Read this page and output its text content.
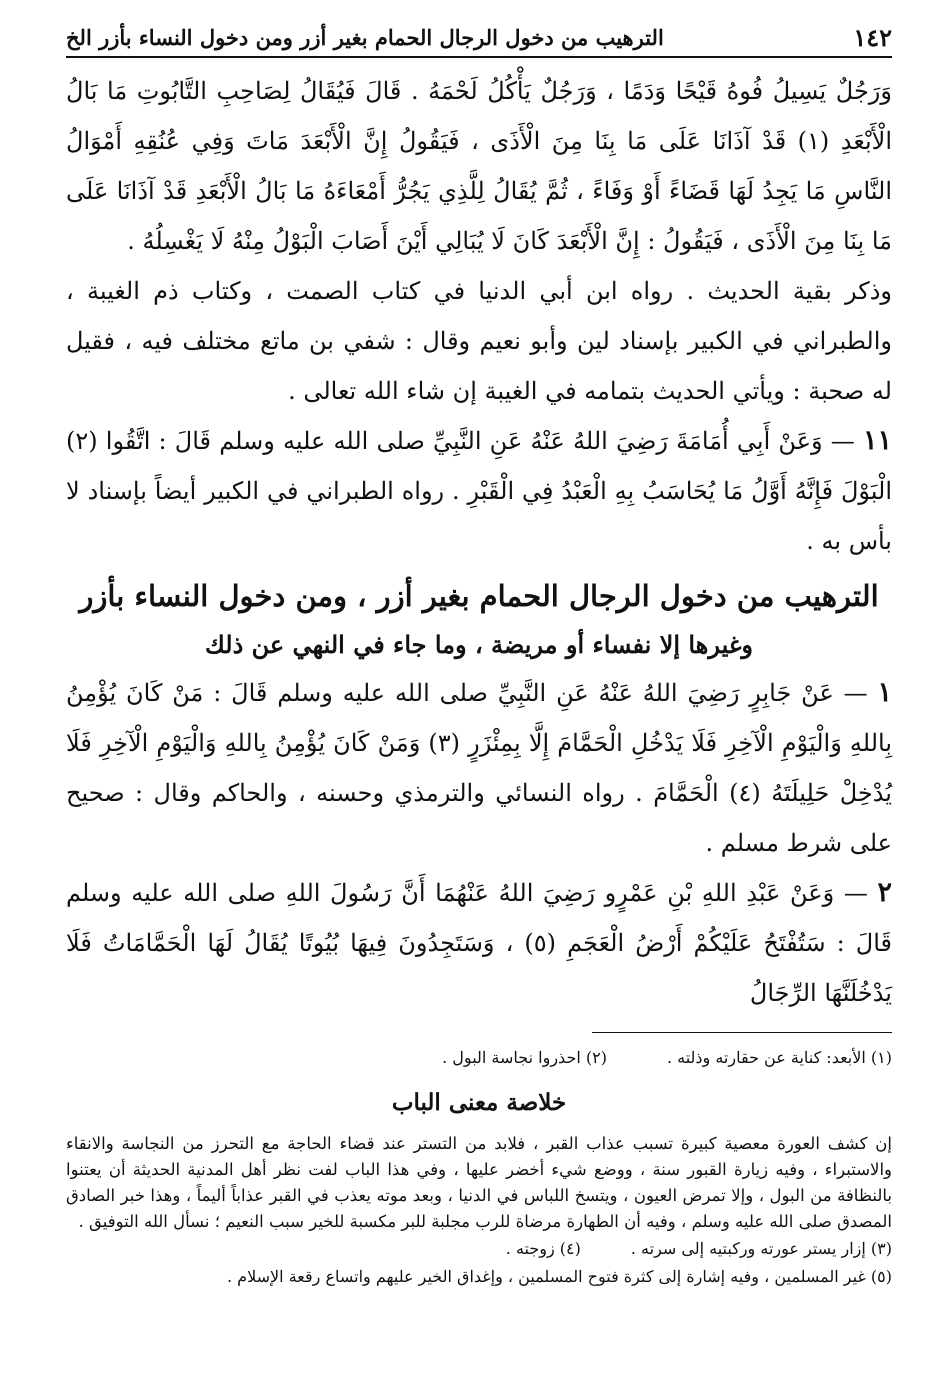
١٤٢
الترهيب من دخول الرجال الحمام بغير أزر ومن دخول النساء بأزر الخ

وَرَجُلٌ يَسِيلُ فُوهُ قَيْحًا وَدَمًا ، وَرَجُلٌ يَأْكُلُ لَحْمَهُ . قَالَ فَيُقَالُ لِصَاحِبِ التَّابُوتِ مَا بَالُ الْأَبْعَدِ (١) قَدْ آذَانَا عَلَى مَا بِنَا مِنَ الْأَذَى ، فَيَقُولُ إِنَّ الْأَبْعَدَ مَاتَ وَفِي عُنُقِهِ أَمْوَالُ النَّاسِ مَا يَجِدُ لَهَا قَضَاءً أَوْ وَفَاءً ، ثُمَّ يُقَالُ لِلَّذِي يَجُرُّ أَمْعَاءَهُ مَا بَالُ الْأَبْعَدِ قَدْ آذَانَا عَلَى مَا بِنَا مِنَ الْأَذَى ، فَيَقُولُ : إِنَّ الْأَبْعَدَ كَانَ لَا يُبَالِي أَيْنَ أَصَابَ الْبَوْلُ مِنْهُ لَا يَغْسِلُهُ .

وذكر بقية الحديث . رواه ابن أبي الدنيا في كتاب الصمت ، وكتاب ذم الغيبة ، والطبراني في الكبير بإسناد لين وأبو نعيم وقال : شفي بن ماتع مختلف فيه ، فقيل له صحبة : ويأتي الحديث بتمامه في الغيبة إن شاء الله تعالى .

١١ — وَعَنْ أَبِي أُمَامَةَ رَضِيَ اللهُ عَنْهُ عَنِ النَّبِيِّ صلى الله عليه وسلم قَالَ : اتَّقُوا (٢) الْبَوْلَ فَإِنَّهُ أَوَّلُ مَا يُحَاسَبُ بِهِ الْعَبْدُ فِي الْقَبْرِ . رواه الطبراني في الكبير أيضاً بإسناد لا بأس به .

الترهيب من دخول الرجال الحمام بغير أزر ، ومن دخول النساء بأزر
وغيرها إلا نفساء أو مريضة ، وما جاء في النهي عن ذلك

١ — عَنْ جَابِرٍ رَضِيَ اللهُ عَنْهُ عَنِ النَّبِيِّ صلى الله عليه وسلم قَالَ : مَنْ كَانَ يُؤْمِنُ بِاللهِ وَالْيَوْمِ الْآخِرِ فَلَا يَدْخُلِ الْحَمَّامَ إِلَّا بِمِئْزَرٍ (٣) وَمَنْ كَانَ يُؤْمِنُ بِاللهِ وَالْيَوْمِ الْآخِرِ فَلَا يُدْخِلْ حَلِيلَتَهُ (٤) الْحَمَّامَ . رواه النسائي والترمذي وحسنه ، والحاكم وقال : صحيح على شرط مسلم .

٢ — وَعَنْ عَبْدِ اللهِ بْنِ عَمْرٍو رَضِيَ اللهُ عَنْهُمَا أَنَّ رَسُولَ اللهِ صلى الله عليه وسلم قَالَ : سَتُفْتَحُ عَلَيْكُمْ أَرْضُ الْعَجَمِ (٥) ، وَسَتَجِدُونَ فِيهَا بُيُوتًا يُقَالُ لَهَا الْحَمَّامَاتُ فَلَا يَدْخُلَنَّهَا الرِّجَالُ

(١) الأبعد: كناية عن حقارته وذلته .
(٢) احذروا نجاسة البول .
خلاصة معنى الباب

إن كشف العورة معصية كبيرة تسبب عذاب القبر ، فلابد من التستر عند قضاء الحاجة مع التحرز من النجاسة والانقاء والاستبراء ، وفيه زيارة القبور سنة ، ووضع شيء أخضر عليها ، وفي هذا الباب لفت نظر أهل المدنية الحديثة أن يعتنوا بالنظافة من البول ، وإلا تمرض العيون ، ويتسخ اللباس في الدنيا ، وبعد موته يعذب في القبر عذاباً أليماً ، وهذا خبر الصادق المصدق صلى الله عليه وسلم ، وفيه أن الطهارة مرضاة للرب مجلبة للبر مكسبة للخير سبب النعيم ؛ نسأل الله التوفيق .

(٣) إزار يستر عورته وركبتيه إلى سرته .
(٤) زوجته .
(٥) غير المسلمين ، وفيه إشارة إلى كثرة فتوح المسلمين ، وإغداق الخير عليهم واتساع رقعة الإسلام .
